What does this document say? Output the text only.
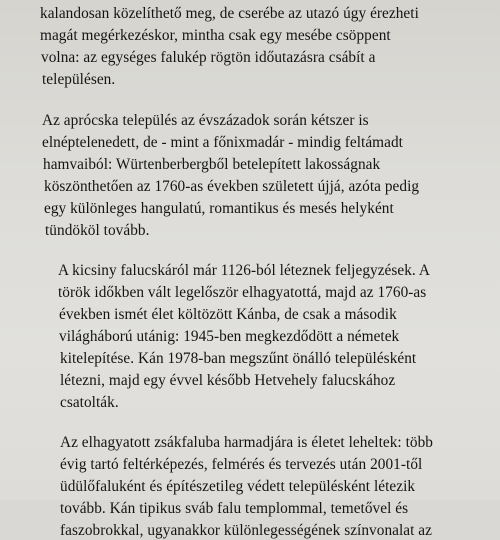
kalandosan közelíthető meg, de cserébe az utazó úgy érezheti
magát megérkezéskor, mintha csak egy mesébe csöppent
volna: az egységes falukép rögtön időutazásra csábít a
településen.
Az aprócska település az évszázadok során kétszer is
elnéptelenedett, de - mint a főnixmadár - mindig feltámadt
hamvaiból: Würtenberbergből betelepített lakosságnak
köszönthetően az 1760-as években született újjá, azóta pedig
egy különleges hangulatú, romantikus és mesés helyként
tündököl tovább.
A kicsiny falucskáról már 1126-ból léteznek feljegyzések. A
török időkben vált legelőször elhagyatottá, majd az 1760-as
években ismét élet költözött Kánba, de csak a második
világháború utánig: 1945-ben megkezdődött a németek
kitelepítése. Kán 1978-ban megszűnt önálló településként
létezni, majd egy évvel később Hetvehely falucskához
csatolták.
Az elhagyatott zsákfaluba harmadjára is életet leheltek: több
évig tartó feltérképezés, felmérés és tervezés után 2001-től
üdülőfaluként és építészetileg védett településként létezik
tovább. Kán tipikus sváb falu templommal, temetővel és
faszobrokkal, ugyanakkor különlegességének színvonalat az
